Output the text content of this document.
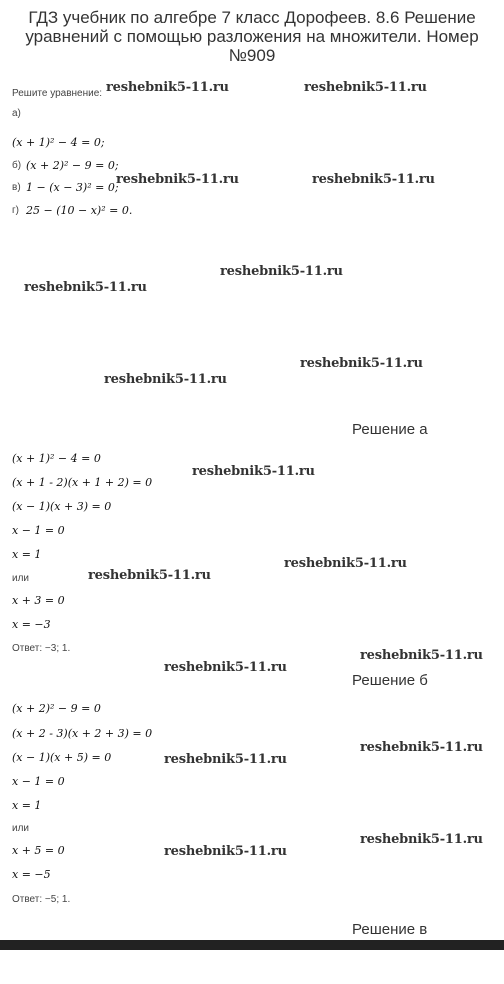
ГДЗ учебник по алгебре 7 класс Дорофеев. 8.6 Решение уравнений с помощью разложения на множители. Номер №909
Решите уравнение:
а)
(x + 1)² − 4 = 0;
б) (x + 2)² − 9 = 0;
в) 1 − (x − 3)² = 0;
г) 25 − (10 − x)² = 0.
Решение а
(x + 1)² − 4 = 0
(x + 1 - 2)(x + 1 + 2) = 0
(x − 1)(x + 3) = 0
x − 1 = 0
x = 1
или
x + 3 = 0
x = −3
Ответ: −3; 1.
Решение б
(x + 2)² − 9 = 0
(x + 2 - 3)(x + 2 + 3) = 0
(x − 1)(x + 5) = 0
x − 1 = 0
x = 1
или
x + 5 = 0
x = −5
Ответ: −5; 1.
Решение в
reshebnik5-11.ru	reshebnik5-11.ru
reshebnik5-11.ru	reshebnik5-11.ru
reshebnik5-11.ru
reshebnik5-11.ru
reshebnik5-11.ru
reshebnik5-11.ru
reshebnik5-11.ru
reshebnik5-11.ru
reshebnik5-11.ru
reshebnik5-11.ru
reshebnik5-11.ru
reshebnik5-11.ru
reshebnik5-11.ru
reshebnik5-11.ru
reshebnik5-11.ru
